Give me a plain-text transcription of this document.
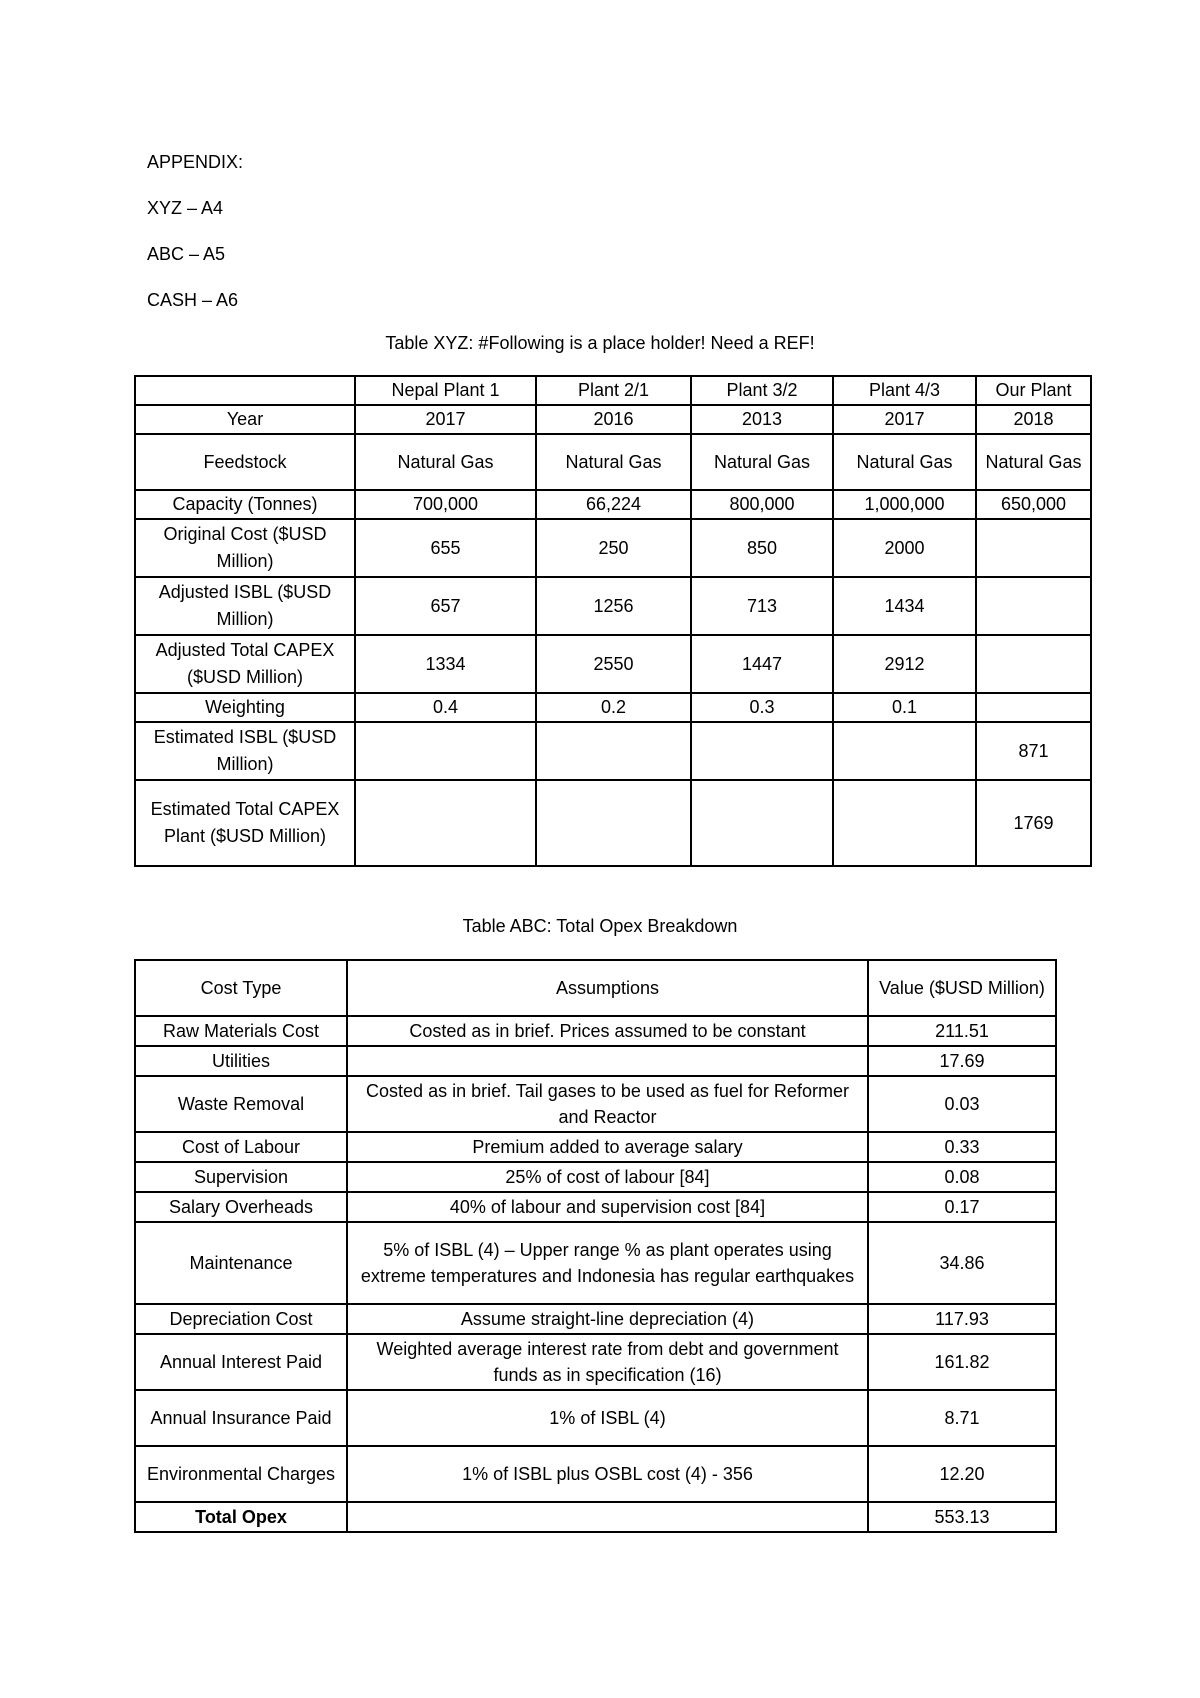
APPENDIX:

XYZ – A4

ABC – A5

CASH – A6

Table XYZ: #Following is a place holder! Need a REF!

	Nepal Plant 1	Plant 2/1	Plant 3/2	Plant 4/3	Our Plant
Year	2017	2016	2013	2017	2018
Feedstock	Natural Gas	Natural Gas	Natural Gas	Natural Gas	Natural Gas
Capacity (Tonnes)	700,000	66,224	800,000	1,000,000	650,000
Original Cost ($USD Million)	655	250	850	2000	
Adjusted ISBL ($USD Million)	657	1256	713	1434	
Adjusted Total CAPEX ($USD Million)	1334	2550	1447	2912	
Weighting	0.4	0.2	0.3	0.1	
Estimated ISBL ($USD Million)					871
Estimated Total CAPEX Plant ($USD Million)					1769

Table ABC: Total Opex Breakdown

Cost Type	Assumptions	Value ($USD Million)
Raw Materials Cost	Costed as in brief. Prices assumed to be constant	211.51
Utilities		17.69
Waste Removal	Costed as in brief. Tail gases to be used as fuel for Reformer and Reactor	0.03
Cost of Labour	Premium added to average salary	0.33
Supervision	25% of cost of labour [84]	0.08
Salary Overheads	40% of labour and supervision cost [84]	0.17
Maintenance	5% of ISBL (4) – Upper range % as plant operates using extreme temperatures and Indonesia has regular earthquakes	34.86
Depreciation Cost	Assume straight-line depreciation (4)	117.93
Annual Interest Paid	Weighted average interest rate from debt and government funds as in specification (16)	161.82
Annual Insurance Paid	1% of ISBL (4)	8.71
Environmental Charges	1% of ISBL plus OSBL cost (4) - 356	12.20
Total Opex		553.13
